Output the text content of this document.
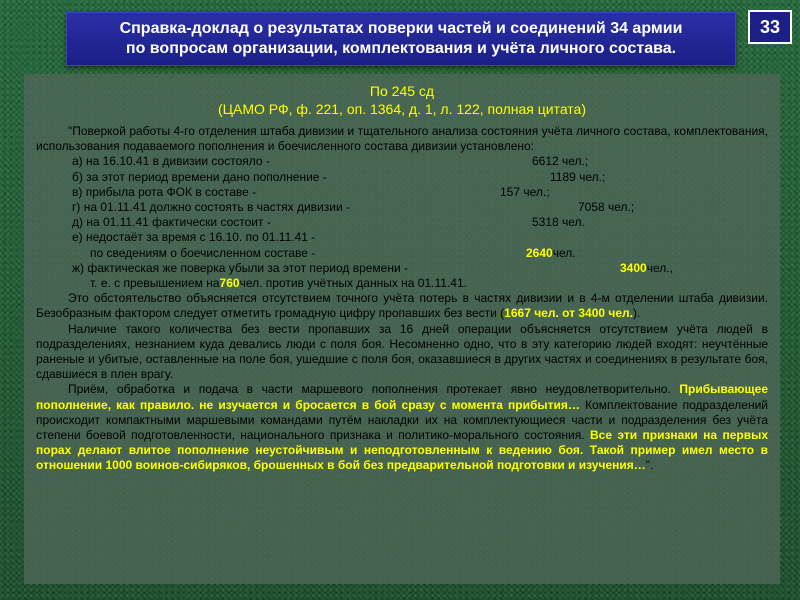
Справка-доклад о результатах поверки частей и соединений 34 армии
по вопросам организации, комплектования и учёта личного состава.
33
По 245 сд
(ЦАМО РФ, ф. 221, оп. 1364, д. 1, л. 122, полная цитата)
"Поверкой работы 4-го отделения штаба дивизии и тщательного анализа состояния учёта личного состава, комплектования, использования подаваемого пополнения и боечисленного состава дивизии установлено:
а) на 16.10.41 в дивизии состояло -	6612 чел.;
б) за этот период времени дано пополнение -	1189 чел.;
в) прибыла рота ФОК в составе -	157 чел.;
г) на 01.11.41 должно состоять в частях дивизии -	7058 чел.;
д) на 01.11.41 фактически состоит -	5318 чел.
е) недостаёт за время с 16.10. по 01.11.41 -
по сведениям о боечисленном составе -	2640 чел.
ж) фактическая же поверка убыли за этот период времени -	3400 чел.,
т. е. с превышением на 760 чел. против учётных данных на 01.11.41.
Это обстоятельство объясняется отсутствием точного учёта потерь в частях дивизии и в 4-м отделении штаба дивизии. Безобразным фактором следует отметить громадную цифру пропавших без вести (1667 чел. от 3400 чел.).
Наличие такого количества без вести пропавших за 16 дней операции объясняется отсутствием учёта людей в подразделениях, незнанием куда девались люди с поля боя. Несомненно одно, что в эту категорию людей входят: неучтённые раненые и убитые, оставленные на поле боя, ушедшие с поля боя, оказавшиеся в других частях и соединениях в результате боя, сдавшиеся в плен врагу.
Приём, обработка и подача в части маршевого пополнения протекает явно неудовлетворительно. Прибывающее пополнение, как правило. не изучается и бросается в бой сразу с момента прибытия… Комплектование подразделений происходит компактными маршевыми командами путём накладки их на комплектующиеся части и подразделения без учёта степени боевой подготовленности, национального признака и политико-морального состояния. Все эти признаки на первых порах делают влитое пополнение неустойчивым и неподготовленным к ведению боя. Такой пример имел место в отношении 1000 воинов-сибиряков, брошенных в бой без предварительной подготовки и изучения…".
